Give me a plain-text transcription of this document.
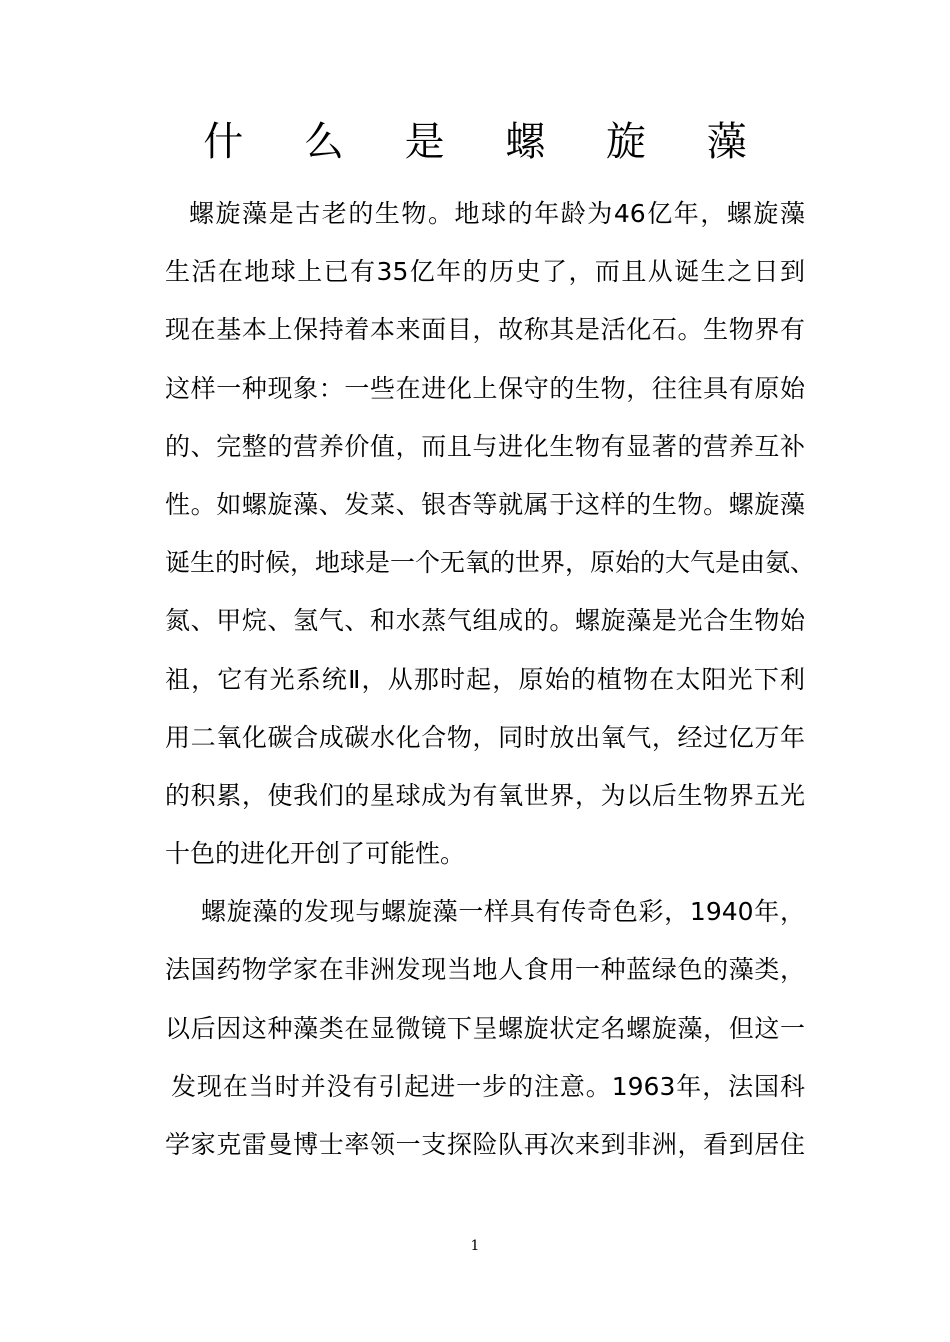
什 么 是 螺 旋 藻
螺旋藻是古老的生物。地球的年龄为46亿年，螺旋藻
生活在地球上已有35亿年的历史了，而且从诞生之日到
现在基本上保持着本来面目，故称其是活化石。生物界有
这样一种现象：一些在进化上保守的生物，往往具有原始
的、完整的营养价值，而且与进化生物有显著的营养互补
性。如螺旋藻、发菜、银杏等就属于这样的生物。螺旋藻
诞生的时候，地球是一个无氧的世界，原始的大气是由氨、
氮、甲烷、氢气、和水蒸气组成的。螺旋藻是光合生物始
祖，它有光系统Ⅱ，从那时起，原始的植物在太阳光下利
用二氧化碳合成碳水化合物，同时放出氧气，经过亿万年
的积累，使我们的星球成为有氧世界，为以后生物界五光
十色的进化开创了可能性。
螺旋藻的发现与螺旋藻一样具有传奇色彩，1940年，
法国药物学家在非洲发现当地人食用一种蓝绿色的藻类，
以后因这种藻类在显微镜下呈螺旋状定名螺旋藻，但这一
发现在当时并没有引起进一步的注意。1963年，法国科
学家克雷曼博士率领一支探险队再次来到非洲，看到居住
1
